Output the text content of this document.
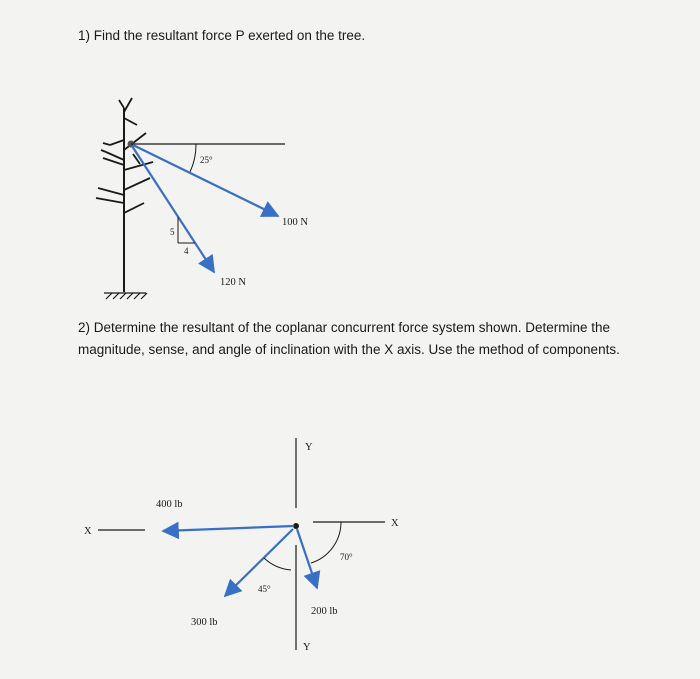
1) Find the resultant force P exerted on the tree.

25°
100 N
120 N
5
4
Y
Y
X
X
400 lb
300 lb
200 lb
45°
70°

2) Determine the resultant of the coplanar concurrent force system shown. Determine the

magnitude, sense, and angle of inclination with the X axis. Use the method of components.
